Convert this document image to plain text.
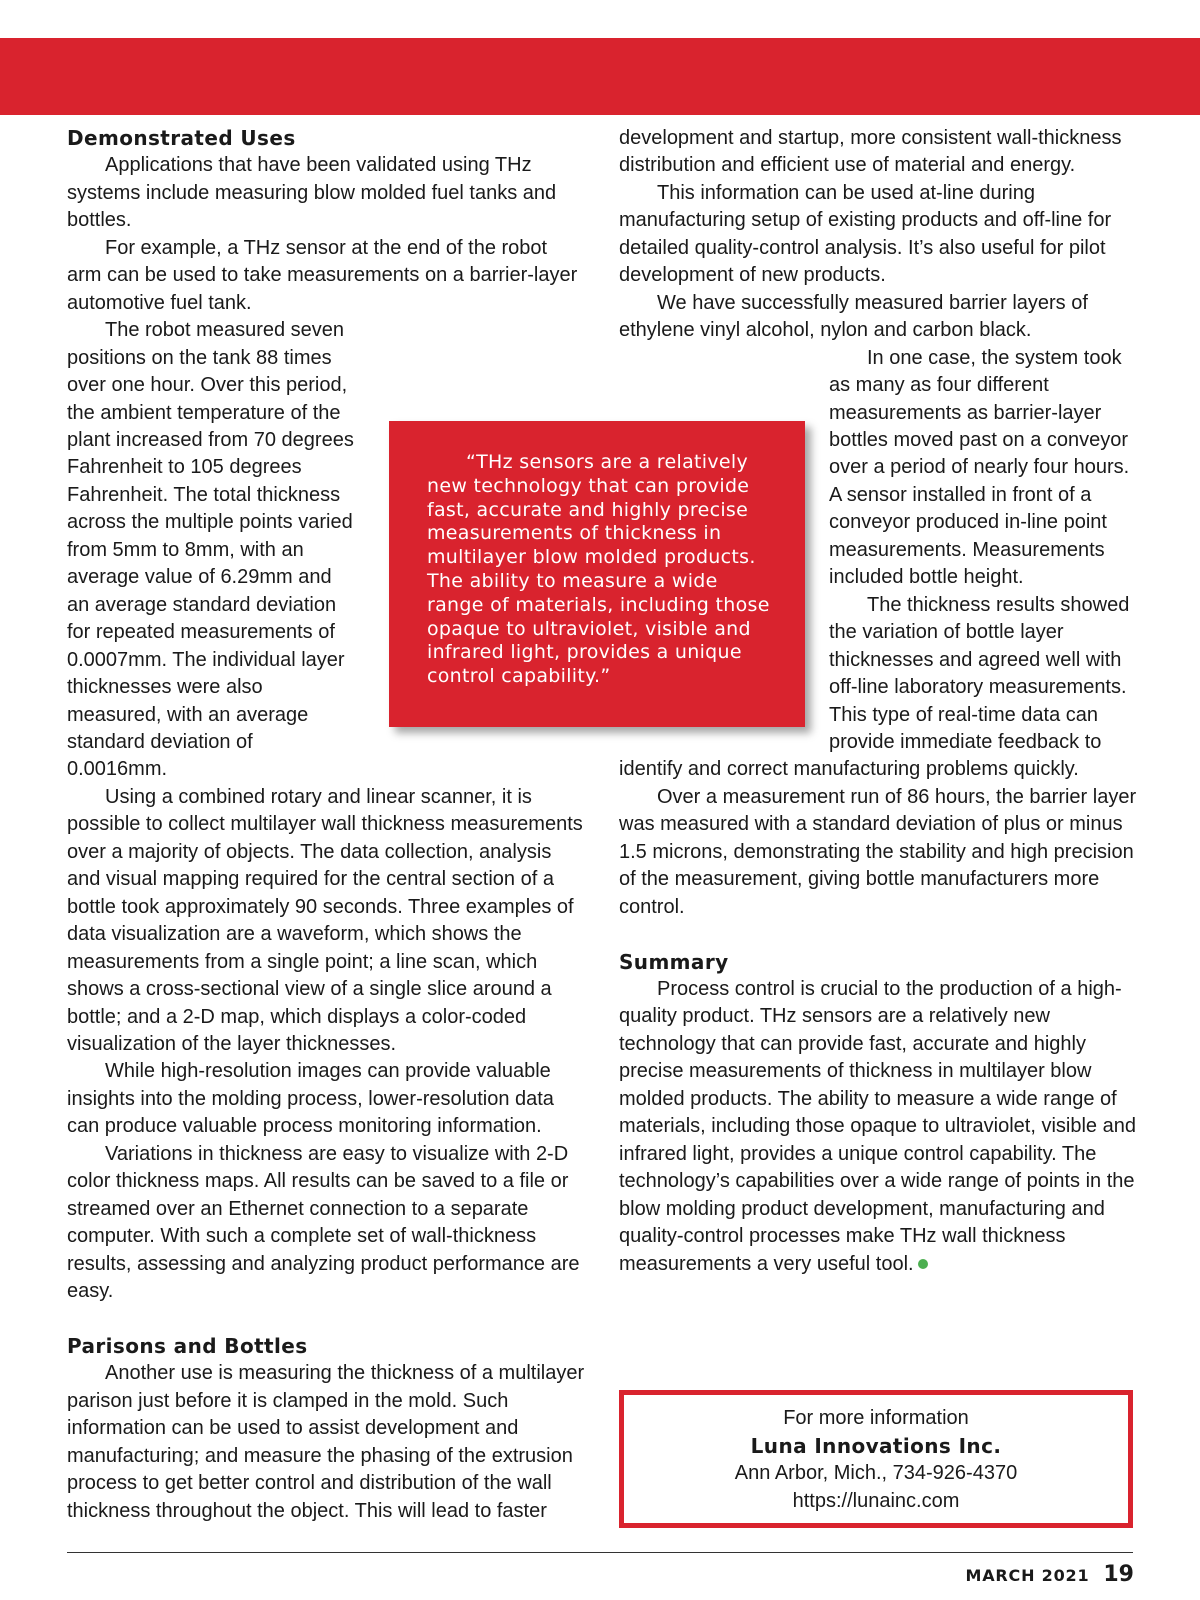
Demonstrated Uses

Applications that have been validated using THz systems include measuring blow molded fuel tanks and bottles.

For example, a THz sensor at the end of the robot arm can be used to take measurements on a barrier-layer automotive fuel tank.

The robot measured seven positions on the tank 88 times over one hour. Over this period, the ambient temperature of the plant increased from 70 degrees Fahrenheit to 105 degrees Fahrenheit. The total thickness across the multiple points varied from 5mm to 8mm, with an average value of 6.29mm and an average standard deviation for repeated measurements of 0.0007mm. The individual layer thicknesses were also measured, with an average standard deviation of 0.0016mm.

Using a combined rotary and linear scanner, it is possible to collect multilayer wall thickness measurements over a majority of objects. The data collection, analysis and visual mapping required for the central section of a bottle took approximately 90 seconds. Three examples of data visualization are a waveform, which shows the measurements from a single point; a line scan, which shows a cross-sectional view of a single slice around a bottle; and a 2-D map, which displays a color-coded visualization of the layer thicknesses.

While high-resolution images can provide valuable insights into the molding process, lower-resolution data can produce valuable process monitoring information.

Variations in thickness are easy to visualize with 2-D color thickness maps. All results can be saved to a file or streamed over an Ethernet connection to a separate computer. With such a complete set of wall-thickness results, assessing and analyzing product performance are easy.

Parisons and Bottles

Another use is measuring the thickness of a multilayer parison just before it is clamped in the mold. Such information can be used to assist development and manufacturing; and measure the phasing of the extrusion process to get better control and distribution of the wall thickness throughout the object. This will lead to faster

development and startup, more consistent wall-thickness distribution and efficient use of material and energy.

This information can be used at-line during manufacturing setup of existing products and off-line for detailed quality-control analysis. It’s also useful for pilot development of new products.

We have successfully measured barrier layers of ethylene vinyl alcohol, nylon and carbon black.

In one case, the system took as many as four different measurements as barrier-layer bottles moved past on a conveyor over a period of nearly four hours. A sensor installed in front of a conveyor produced in-line point measurements. Measurements included bottle height.

The thickness results showed the variation of bottle layer thicknesses and agreed well with off-line laboratory measurements. This type of real-time data can provide immediate feedback to identify and correct manufacturing problems quickly.

Over a measurement run of 86 hours, the barrier layer was measured with a standard deviation of plus or minus 1.5 microns, demonstrating the stability and high precision of the measurement, giving bottle manufacturers more control.

Summary

Process control is crucial to the production of a high-quality product. THz sensors are a relatively new technology that can provide fast, accurate and highly precise measurements of thickness in multilayer blow molded products. The ability to measure a wide range of materials, including those opaque to ultraviolet, visible and infrared light, provides a unique control capability. The technology’s capabilities over a wide range of points in the blow molding product development, manufacturing and quality-control processes make THz wall thickness measurements a very useful tool.

“THz sensors are a relatively new technology that can provide fast, accurate and highly precise measurements of thickness in multilayer blow molded products. The ability to measure a wide range of materials, including those opaque to ultraviolet, visible and infrared light, provides a unique control capability.”

For more information
Luna Innovations Inc.
Ann Arbor, Mich., 734-926-4370
https://lunainc.com
MARCH 2021 19
